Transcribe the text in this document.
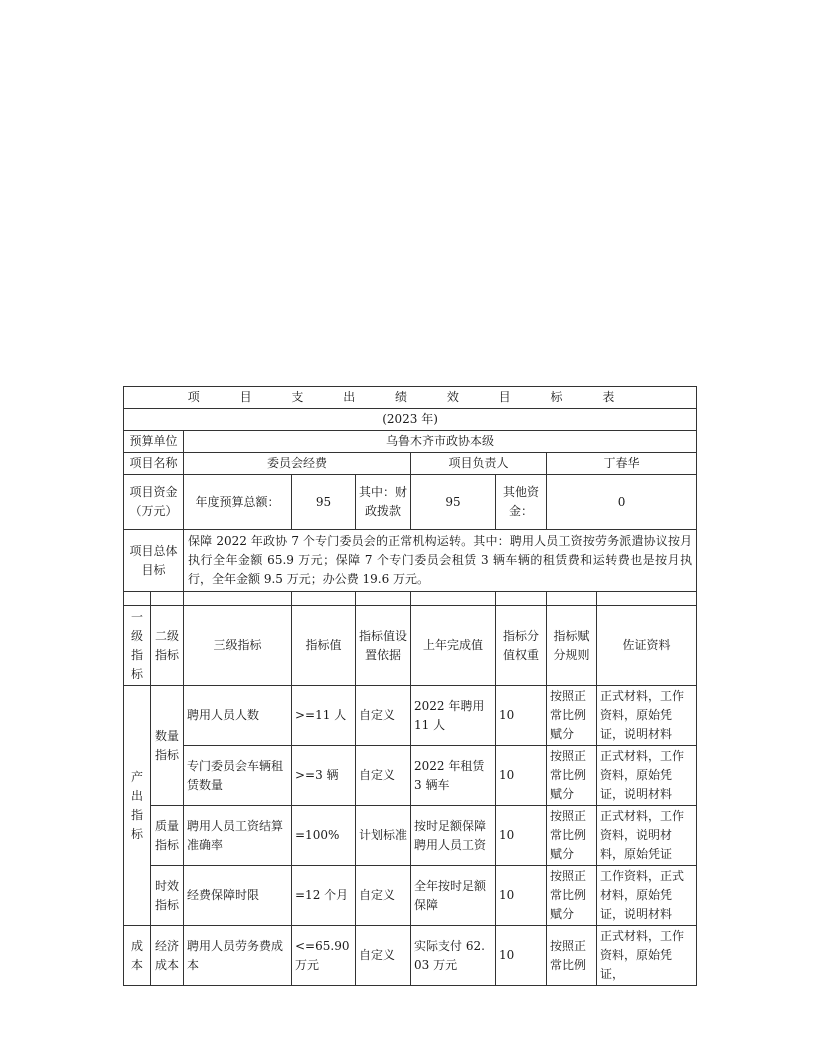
项 目 支 出 绩 效 目 标 表								
(2023 年)								
预算单位		乌鲁木齐市政协本级						
项目名称		委员会经费			项目负责人		丁春华	
项目资金（万元）		年度预算总额：	95	其中：财政拨款	95	其他资金：	0	
项目总体目标		保障 2022 年政协 7 个专门委员会的正常机构运转。其中：聘用人员工资按劳务派遣协议按月执行全年金额 65.9 万元；保障 7 个专门委员会租赁 3 辆车辆的租赁费和运转费也是按月执行，全年金额 9.5 万元；办公费 19.6 万元。						

一级指标	二级指标	三级指标	指标值	指标值设置依据	上年完成值	指标分值权重	指标赋分规则	佐证资料
产出指标	数量指标	聘用人员人数	>=11 人	自定义	2022 年聘用 11 人	10	按照正常比例赋分	正式材料，工作资料，原始凭证，说明材料
		专门委员会车辆租赁数量	>=3 辆	自定义	2022 年租赁 3 辆车	10	按照正常比例赋分	正式材料，工作资料，原始凭证，说明材料
	质量指标	聘用人员工资结算准确率	=100%	计划标准	按时足额保障聘用人员工资	10	按照正常比例赋分	正式材料，工作资料，说明材料，原始凭证
	时效指标	经费保障时限	=12 个月	自定义	全年按时足额保障	10	按照正常比例赋分	工作资料，正式材料，原始凭证，说明材料
成本	经济成本	聘用人员劳务费成本	<=65.90 万元	自定义	实际支付 62.03 万元	10	按照正常比例	正式材料，工作资料，原始凭证，
